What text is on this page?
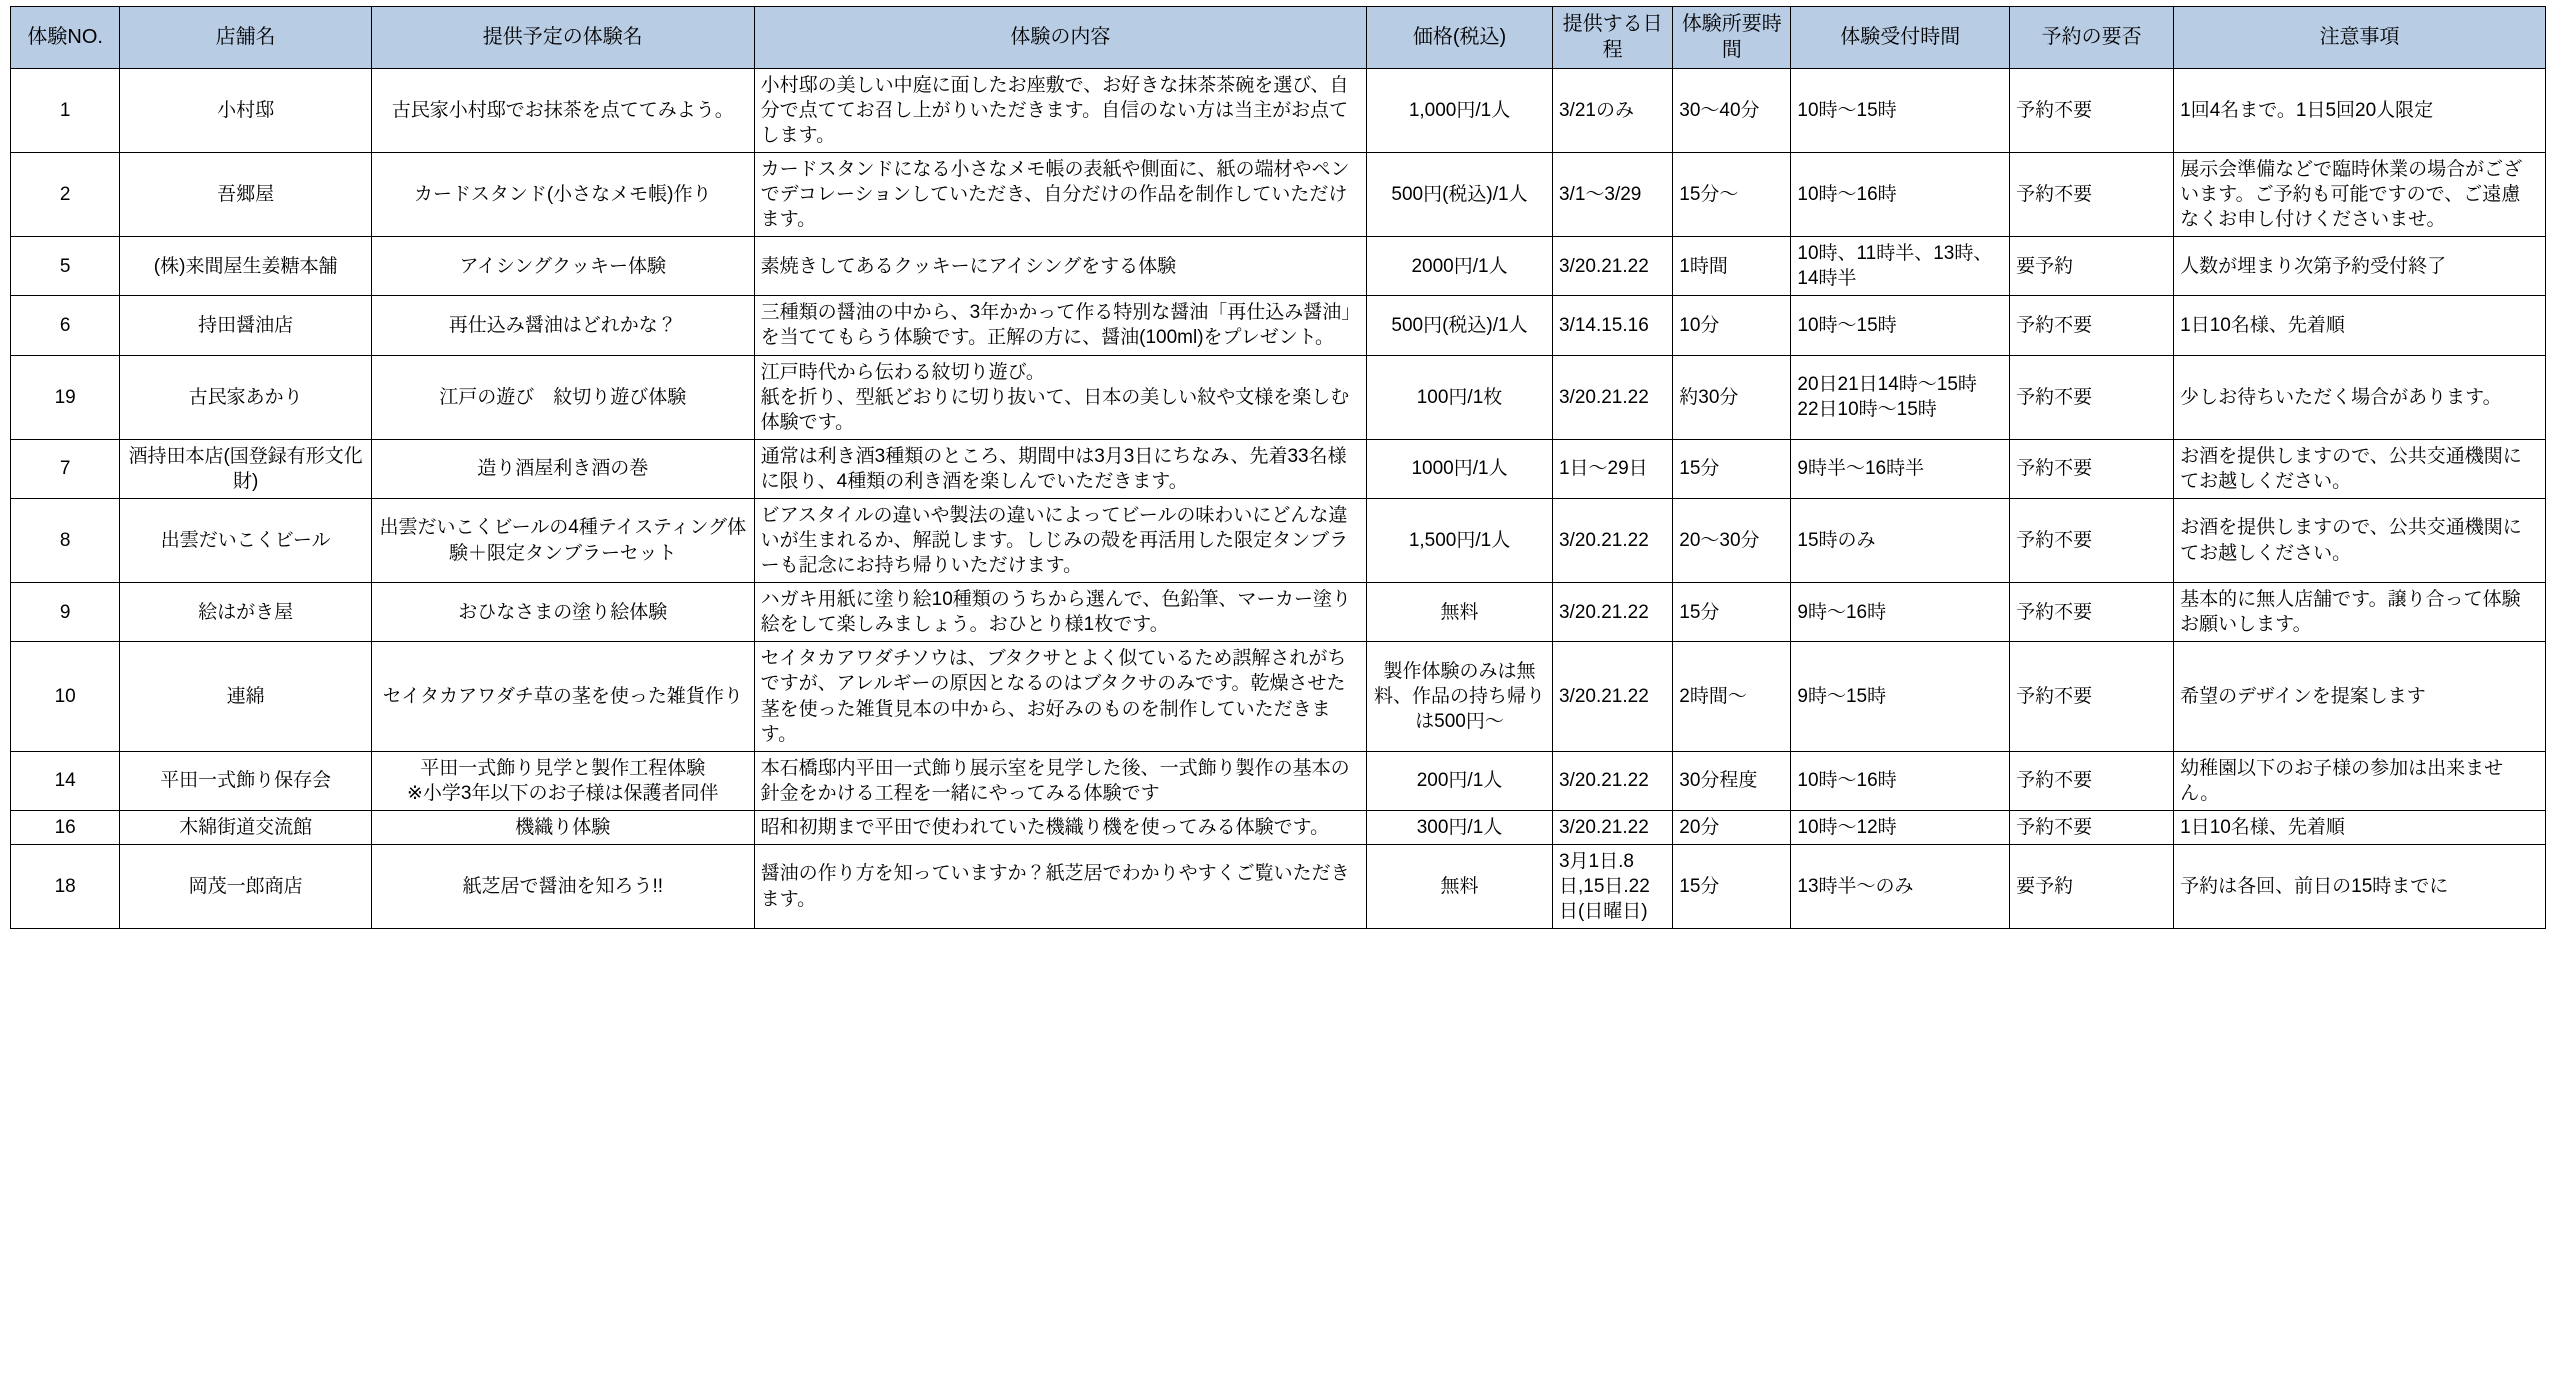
体験NO.	店舗名	提供予定の体験名	体験の内容	価格(税込)	提供する日程	体験所要時間	体験受付時間	予約の要否	注意事項
1	小村邸	古民家小村邸でお抹茶を点ててみよう。	小村邸の美しい中庭に面したお座敷で、お好きな抹茶茶碗を選び、自分で点ててお召し上がりいただきます。自信のない方は当主がお点てします。	1,000円/1人	3/21のみ	30〜40分	10時〜15時	予約不要	1回4名まで。1日5回20人限定
2	吾郷屋	カードスタンド(小さなメモ帳)作り	カードスタンドになる小さなメモ帳の表紙や側面に、紙の端材やペンでデコレーションしていただき、自分だけの作品を制作していただけます。	500円(税込)/1人	3/1〜3/29	15分〜	10時〜16時	予約不要	展示会準備などで臨時休業の場合がございます。ご予約も可能ですので、ご遠慮なくお申し付けくださいませ。
5	(株)来間屋生姜糖本舗	アイシングクッキー体験	素焼きしてあるクッキーにアイシングをする体験	2000円/1人	3/20.21.22	1時間	10時、11時半、13時、14時半	要予約	人数が埋まり次第予約受付終了
6	持田醤油店	再仕込み醤油はどれかな？	三種類の醤油の中から、3年かかって作る特別な醤油「再仕込み醤油」を当ててもらう体験です。正解の方に、醤油(100ml)をプレゼント。	500円(税込)/1人	3/14.15.16	10分	10時〜15時	予約不要	1日10名様、先着順
19	古民家あかり	江戸の遊び　紋切り遊び体験	江戸時代から伝わる紋切り遊び。
紙を折り、型紙どおりに切り抜いて、日本の美しい紋や文様を楽しむ体験です。	100円/1枚	3/20.21.22	約30分	20日21日14時〜15時　22日10時〜15時	予約不要	少しお待ちいただく場合があります。
7	酒持田本店(国登録有形文化財)	造り酒屋利き酒の巻	通常は利き酒3種類のところ、期間中は3月3日にちなみ、先着33名様に限り、4種類の利き酒を楽しんでいただきます。	1000円/1人	1日〜29日	15分	9時半〜16時半	予約不要	お酒を提供しますので、公共交通機関にてお越しください。
8	出雲だいこくビール	出雲だいこくビールの4種テイスティング体験＋限定タンブラーセット	ビアスタイルの違いや製法の違いによってビールの味わいにどんな違いが生まれるか、解説します。しじみの殻を再活用した限定タンブラーも記念にお持ち帰りいただけます。	1,500円/1人	3/20.21.22	20〜30分	15時のみ	予約不要	お酒を提供しますので、公共交通機関にてお越しください。
9	絵はがき屋	おひなさまの塗り絵体験	ハガキ用紙に塗り絵10種類のうちから選んで、色鉛筆、マーカー塗り絵をして楽しみましょう。おひとり様1枚です。	無料	3/20.21.22	15分	9時〜16時	予約不要	基本的に無人店舗です。譲り合って体験お願いします。
10	連綿	セイタカアワダチ草の茎を使った雑貨作り	セイタカアワダチソウは、ブタクサとよく似ているため誤解されがちですが、アレルギーの原因となるのはブタクサのみです。乾燥させた茎を使った雑貨見本の中から、お好みのものを制作していただきます。	製作体験のみは無料、作品の持ち帰りは500円〜	3/20.21.22	2時間〜	9時〜15時	予約不要	希望のデザインを提案します
14	平田一式飾り保存会	平田一式飾り見学と製作工程体験
※小学3年以下のお子様は保護者同伴	本石橋邸内平田一式飾り展示室を見学した後、一式飾り製作の基本の針金をかける工程を一緒にやってみる体験です	200円/1人	3/20.21.22	30分程度	10時〜16時	予約不要	幼稚園以下のお子様の参加は出来ません。
16	木綿街道交流館	機織り体験	昭和初期まで平田で使われていた機織り機を使ってみる体験です。	300円/1人	3/20.21.22	20分	10時〜12時	予約不要	1日10名様、先着順
18	岡茂一郎商店	紙芝居で醤油を知ろう!!	醤油の作り方を知っていますか？紙芝居でわかりやすくご覧いただきます。	無料	3月1日.8日,15日.22日(日曜日)	15分	13時半〜のみ	要予約	予約は各回、前日の15時までに
